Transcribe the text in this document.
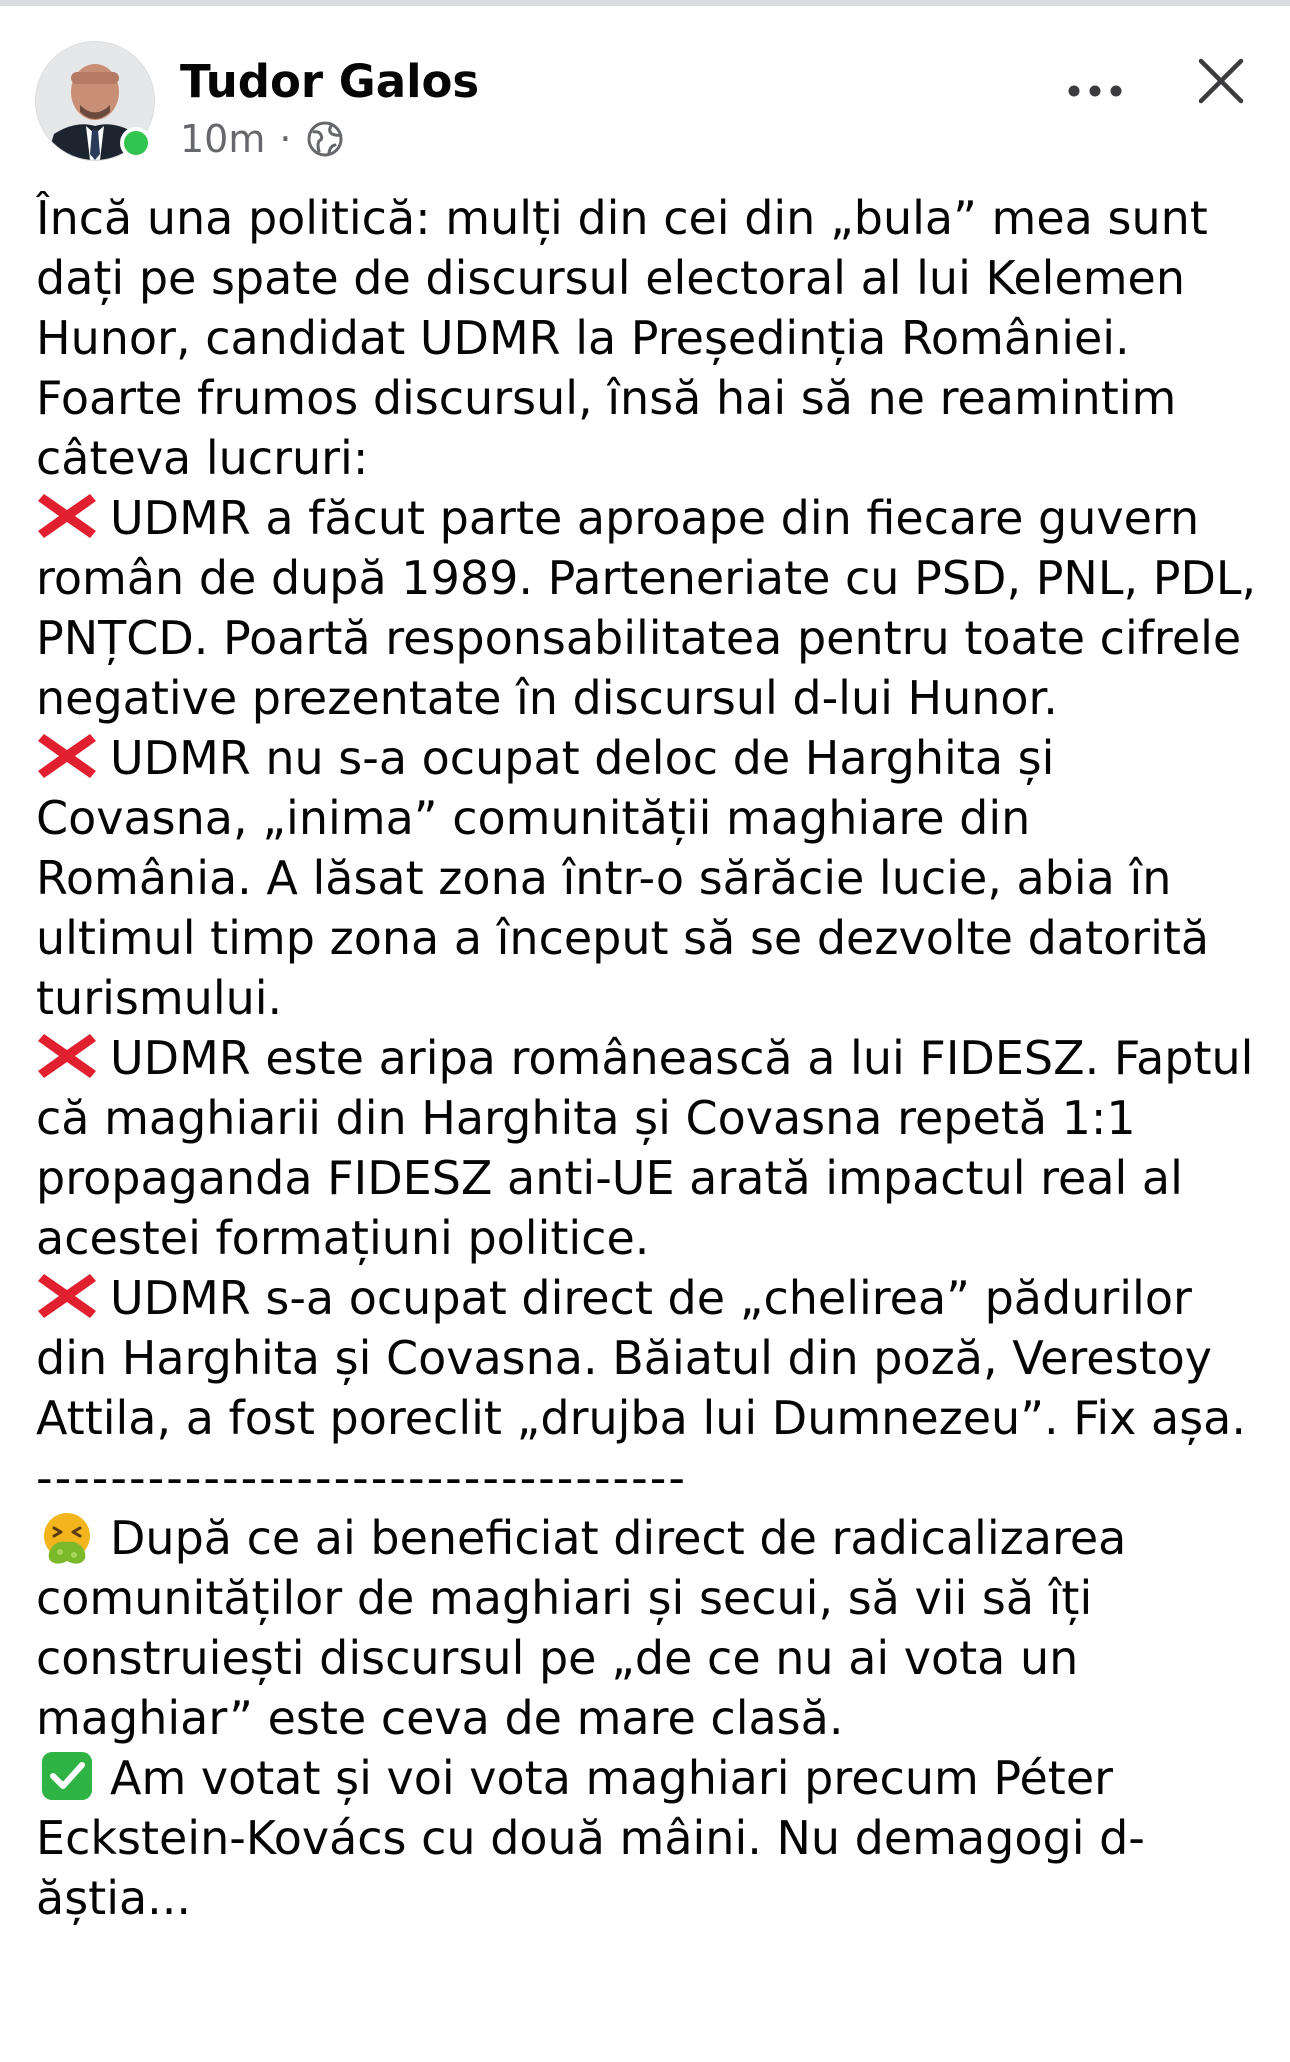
Tudor Galos
10m ·

Încă una politică: mulți din cei din „bula” mea sunt dați pe spate de discursul electoral al lui Kelemen Hunor, candidat UDMR la Președinția României. Foarte frumos discursul, însă hai să ne reamintim câteva lucruri:

UDMR a făcut parte aproape din fiecare guvern român de după 1989. Parteneriate cu PSD, PNL, PDL, PNȚCD. Poartă responsabilitatea pentru toate cifrele negative prezentate în discursul d-lui Hunor.

UDMR nu s-a ocupat deloc de Harghita și Covasna, „inima” comunității maghiare din România. A lăsat zona într-o sărăcie lucie, abia în ultimul timp zona a început să se dezvolte datorită turismului.

UDMR este aripa românească a lui FIDESZ. Faptul că maghiarii din Harghita și Covasna repetă 1:1 propaganda FIDESZ anti-UE arată impactul real al acestei formațiuni politice.

UDMR s-a ocupat direct de „chelirea” pădurilor din Harghita și Covasna. Băiatul din poză, Verestoy Attila, a fost poreclit „drujba lui Dumnezeu”. Fix așa.

-----------------------------------

După ce ai beneficiat direct de radicalizarea comunităților de maghiari și secui, să vii să îți construiești discursul pe „de ce nu ai vota un maghiar” este ceva de mare clasă.

Am votat și voi vota maghiari precum Péter Eckstein-Kovács cu două mâini. Nu demagogi d-ăștia...
